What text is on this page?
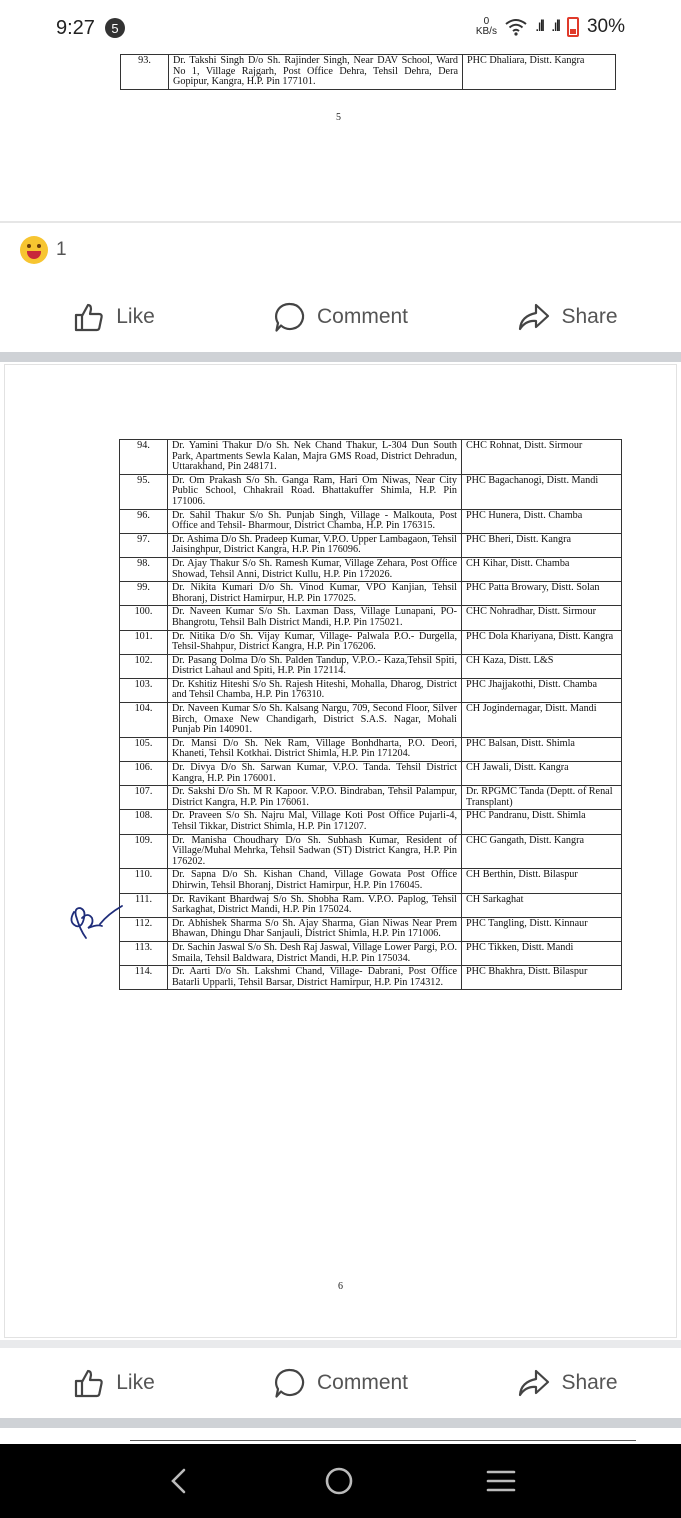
9:27	5	0
KB/s .ıll .ıll 30%
93.	Dr. Takshi Singh D/o Sh. Rajinder Singh, Near DAV School, Ward No 1, Village Rajgarh, Post Office Dehra, Tehsil Dehra, Dera Gopipur, Kangra, H.P. Pin 177101.	PHC Dhaliara, Distt. Kangra
5
1
Like	Comment	Share
94.	Dr. Yamini Thakur D/o Sh. Nek Chand Thakur, L-304 Dun South Park, Apartments Sewla Kalan, Majra GMS Road, District Dehradun, Uttarakhand, Pin 248171.	CHC Rohnat, Distt. Sirmour
95.	Dr. Om Prakash S/o Sh. Ganga Ram, Hari Om Niwas, Near City Public School, Chhakrail Road. Bhattakuffer Shimla, H.P. Pin 171006.	PHC Bagachanogi, Distt. Mandi
96.	Dr. Sahil Thakur S/o Sh. Punjab Singh, Village - Malkouta, Post Office and Tehsil- Bharmour, District Chamba, H.P. Pin 176315.	PHC Hunera, Distt. Chamba
97.	Dr. Ashima D/o Sh. Pradeep Kumar, V.P.O. Upper Lambagaon, Tehsil Jaisinghpur, District Kangra, H.P. Pin 176096.	PHC Bheri, Distt. Kangra
98.	Dr. Ajay Thakur S/o Sh. Ramesh Kumar, Village Zehara, Post Office Showad, Tehsil Anni, District Kullu, H.P. Pin 172026.	CH Kihar, Distt. Chamba
99.	Dr. Nikita Kumari D/o Sh. Vinod Kumar, VPO Kanjian, Tehsil Bhoranj, District Hamirpur, H.P. Pin 177025.	PHC Patta Browary, Distt. Solan
100.	Dr. Naveen Kumar S/o Sh. Laxman Dass, Village Lunapani, PO- Bhangrotu, Tehsil Balh District Mandi, H.P. Pin 175021.	CHC Nohradhar, Distt. Sirmour
101.	Dr. Nitika D/o Sh. Vijay Kumar, Village- Palwala P.O.- Durgella, Tehsil-Shahpur, District Kangra, H.P. Pin 176206.	PHC Dola Khariyana, Distt. Kangra
102.	Dr. Pasang Dolma D/o Sh. Palden Tandup, V.P.O.- Kaza,Tehsil Spiti, District Lahaul and Spiti, H.P. Pin 172114.	CH Kaza, Distt. L&S
103.	Dr. Kshitiz Hiteshi S/o Sh. Rajesh Hiteshi, Mohalla, Dharog, District and Tehsil Chamba, H.P. Pin 176310.	PHC Jhajjakothi, Distt. Chamba
104.	Dr. Naveen Kumar S/o Sh. Kalsang Nargu, 709, Second Floor, Silver Birch, Omaxe New Chandigarh, District S.A.S. Nagar, Mohali Punjab Pin 140901.	CH Jogindernagar, Distt. Mandi
105.	Dr. Mansi D/o Sh. Nek Ram, Village Bonhdharta, P.O. Deori, Khaneti, Tehsil Kotkhai. District Shimla, H.P. Pin 171204.	PHC Balsan, Distt. Shimla
106.	Dr. Divya D/o Sh. Sarwan Kumar, V.P.O. Tanda. Tehsil District Kangra, H.P. Pin 176001.	CH Jawali, Distt. Kangra
107.	Dr. Sakshi D/o Sh. M R Kapoor. V.P.O. Bindraban, Tehsil Palampur, District Kangra, H.P. Pin 176061.	Dr. RPGMC Tanda (Deptt. of Renal Transplant)
108.	Dr. Praveen S/o Sh. Najru Mal, Village Koti Post Office Pujarli-4, Tehsil Tikkar, District Shimla, H.P. Pin 171207.	PHC Pandranu, Distt. Shimla
109.	Dr. Manisha Choudhary D/o Sh. Subhash Kumar, Resident of Village/Muhal Mehrka, Tehsil Sadwan (ST) District Kangra, H.P. Pin 176202.	CHC Gangath, Distt. Kangra
110.	Dr. Sapna D/o Sh. Kishan Chand, Village Gowata Post Office Dhirwin, Tehsil Bhoranj, District Hamirpur, H.P. Pin 176045.	CH Berthin, Distt. Bilaspur
111.	Dr. Ravikant Bhardwaj S/o Sh. Shobha Ram. V.P.O. Paplog, Tehsil Sarkaghat, District Mandi, H.P. Pin 175024.	CH Sarkaghat
112.	Dr. Abhishek Sharma S/o Sh. Ajay Sharma, Gian Niwas Near Prem Bhawan, Dhingu Dhar Sanjauli, District Shimla, H.P. Pin 171006.	PHC Tangling, Distt. Kinnaur
113.	Dr. Sachin Jaswal S/o Sh. Desh Raj Jaswal, Village Lower Pargi, P.O. Smaila, Tehsil Baldwara, District Mandi, H.P. Pin 175034.	PHC Tikken, Distt. Mandi
114.	Dr. Aarti D/o Sh. Lakshmi Chand, Village- Dabrani, Post Office Batarli Upparli, Tehsil Barsar, District Hamirpur, H.P. Pin 174312.	PHC Bhakhra, Distt. Bilaspur
6
Like	Comment	Share
